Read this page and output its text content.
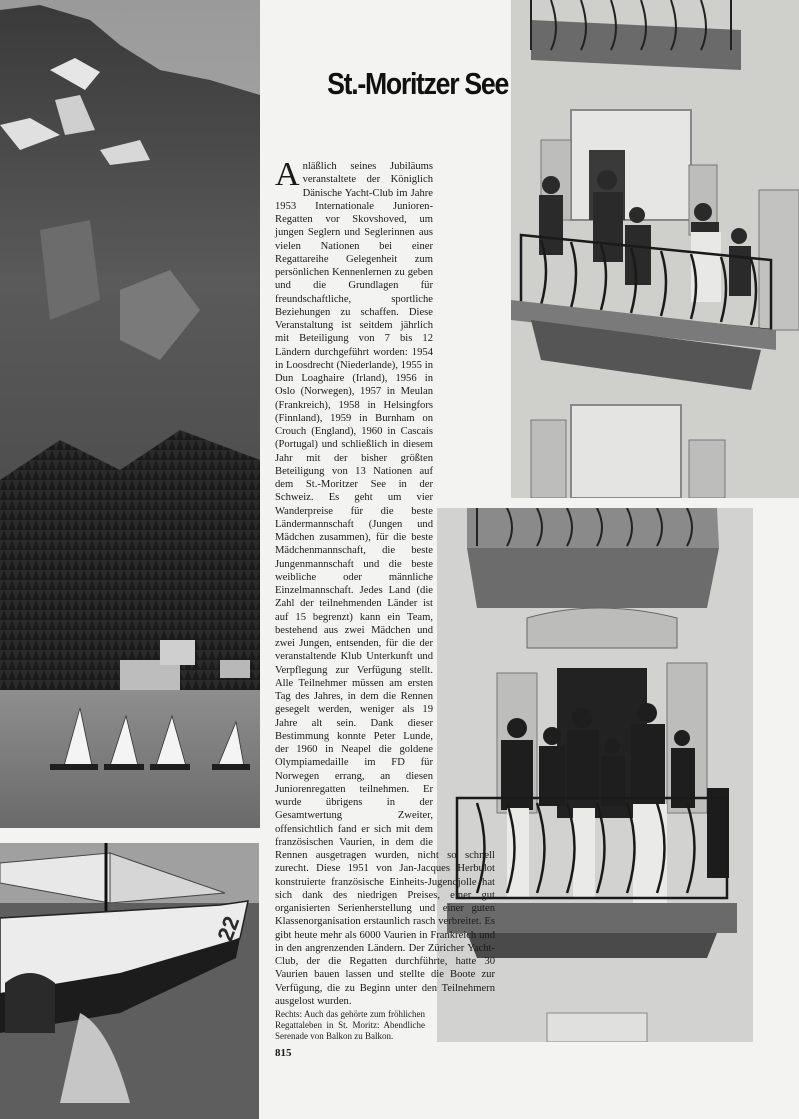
22
St.-Moritzer See
Anläßlich seines Jubiläums veranstaltete der Königlich Dänische Yacht-Club im Jahre 1953 Internationale Junioren-Regatten vor Skovshoved, um jungen Seglern und Seglerinnen aus vielen Nationen bei einer Regattareihe Gelegenheit zum persönlichen Kennenlernen zu geben und die Grundlagen für freundschaftliche, sportliche Beziehungen zu schaffen. Diese Veranstaltung ist seitdem jährlich mit Beteiligung von 7 bis 12 Ländern durchgeführt worden: 1954 in Loosdrecht (Niederlande), 1955 in Dun Loaghaire (Irland), 1956 in Oslo (Norwegen), 1957 in Meulan (Frankreich), 1958 in Helsingfors (Finnland), 1959 in Burnham on Crouch (England), 1960 in Cascais (Portugal) und schließlich in diesem Jahr mit der bisher größten Beteiligung von 13 Nationen auf dem St.-Moritzer See in der Schweiz. Es geht um vier Wanderpreise für die beste Ländermannschaft (Jungen und Mädchen zusammen), für die beste Mädchenmannschaft, die beste Jungenmannschaft und die beste weibliche oder männliche Einzelmannschaft. Jedes Land (die Zahl der teilnehmenden Länder ist auf 15 begrenzt) kann ein Team, bestehend aus zwei Mädchen und zwei Jungen, entsenden, für die der veranstaltende Klub Unterkunft und Verpflegung zur Verfügung stellt. Alle Teilnehmer müssen am ersten Tag des Jahres, in dem die Rennen gesegelt werden, weniger als 19 Jahre alt sein. Dank dieser Bestimmung konnte Peter Lunde, der 1960 in Neapel die goldene Olympiamedaille im FD für Norwegen errang, an diesen Juniorenregatten teilnehmen. Er wurde übrigens in der Gesamtwertung Zweiter, offensichtlich fand er sich mit dem französischen Vaurien, in dem die Rennen ausgetragen wurden, nicht so schnell zurecht. Diese 1951 von Jan-Jacques Herbulot konstruierte französische Einheits-Jugendjolle hat sich dank des niedrigen Preises, einer gut organisierten Serienherstellung und einer guten Klassenorganisation erstaunlich rasch verbreitet. Es gibt heute mehr als 6000 Vaurien in Frankreich und in den angrenzenden Ländern. Der Züricher Yacht-Club, der die Regatten durchführte, hatte 30 Vaurien bauen lassen und stellte die Boote zur Verfügung, die zu Beginn unter den Teilnehmern ausgelost wurden.
Rechts: Auch das gehörte zum fröhlichen Regattaleben in St. Moritz: Abendliche Serenade von Balkon zu Balkon.
815
